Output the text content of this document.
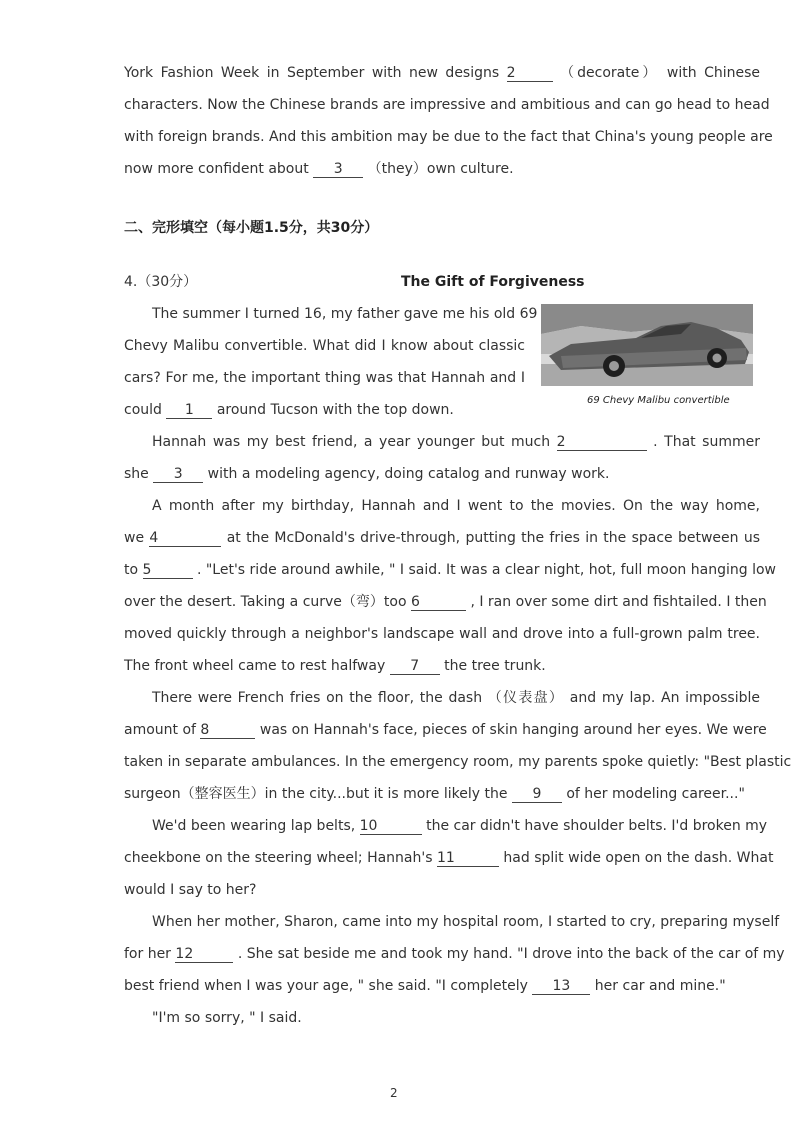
York Fashion Week in September with new designs 2	（decorate） with Chinese
characters. Now the Chinese brands are impressive and ambitious and can go head to head
with foreign brands. And this ambition may be due to the fact that China's young people are
now more confident about 3 （they）own culture.
二、完形填空（每小题1.5分，共30分）
4.（30分）	The Gift of Forgiveness
69 Chevy Malibu convertible
The summer I turned 16, my father gave me his old 69
Chevy Malibu convertible. What did I know about classic
cars? For me, the important thing was that Hannah and I
could 1 around Tucson with the top down.
Hannah was my best friend, a year younger but much 2	. That summer
she 3 with a modeling agency, doing catalog and runway work.
A month after my birthday, Hannah and I went to the movies. On the way home,
we 4	at the McDonald's drive-through, putting the fries in the space between us
to 5	. "Let's ride around awhile, " I said. It was a clear night, hot, full moon hanging low
over the desert. Taking a curve（弯）too 6	, I ran over some dirt and fishtailed. I then
moved quickly through a neighbor's landscape wall and drove into a full-grown palm tree.
The front wheel came to rest halfway 7 the tree trunk.
There were French fries on the floor, the dash （仪表盘） and my lap. An impossible
amount of 8	was on Hannah's face, pieces of skin hanging around her eyes. We were
taken in separate ambulances. In the emergency room, my parents spoke quietly: "Best plastic
surgeon（整容医生）in the city...but it is more likely the 9 of her modeling career..."
We'd been wearing lap belts, 10	the car didn't have shoulder belts. I'd broken my
cheekbone on the steering wheel; Hannah's 11	had split wide open on the dash. What
would I say to her?
When her mother, Sharon, came into my hospital room, I started to cry, preparing myself
for her 12	. She sat beside me and took my hand. "I drove into the back of the car of my
best friend when I was your age, " she said. "I completely 13 her car and mine."
"I'm so sorry, " I said.
2
